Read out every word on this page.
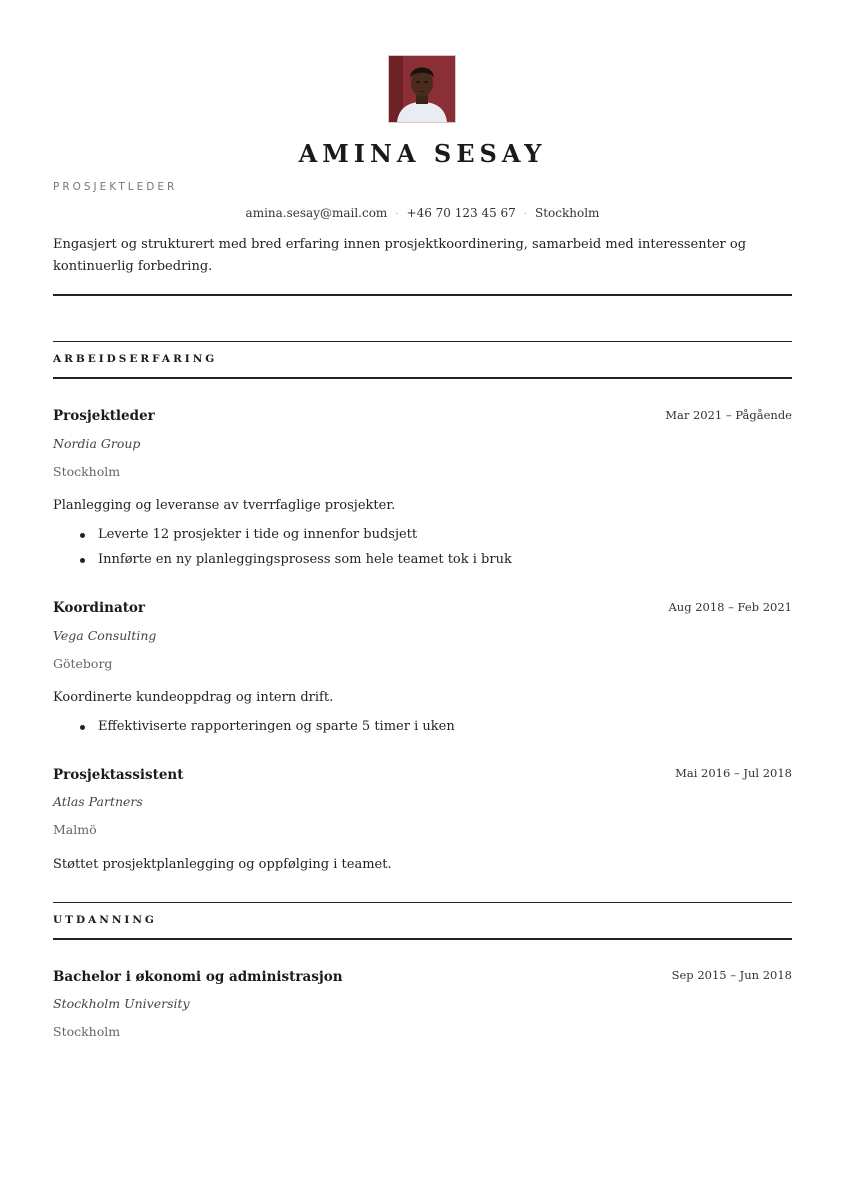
AMINA SESAY
PROSJEKTLEDER
amina.sesay@mail.com · +46 70 123 45 67 · Stockholm

Engasjert og strukturert med bred erfaring innen prosjektkoordinering, samarbeid med interessenter og kontinuerlig forbedring.

ARBEIDSERFARING
Prosjektleder	Mar 2021 – Pågående
Nordia Group
Stockholm
Planlegging og leveranse av tverrfaglige prosjekter.
Leverte 12 prosjekter i tide og innenfor budsjett
Innførte en ny planleggingsprosess som hele teamet tok i bruk
Koordinator	Aug 2018 – Feb 2021
Vega Consulting
Göteborg
Koordinerte kundeoppdrag og intern drift.
Effektiviserte rapporteringen og sparte 5 timer i uken
Prosjektassistent	Mai 2016 – Jul 2018
Atlas Partners
Malmö
Støttet prosjektplanlegging og oppfølging i teamet.
UTDANNING
Bachelor i økonomi og administrasjon	Sep 2015 – Jun 2018
Stockholm University
Stockholm
